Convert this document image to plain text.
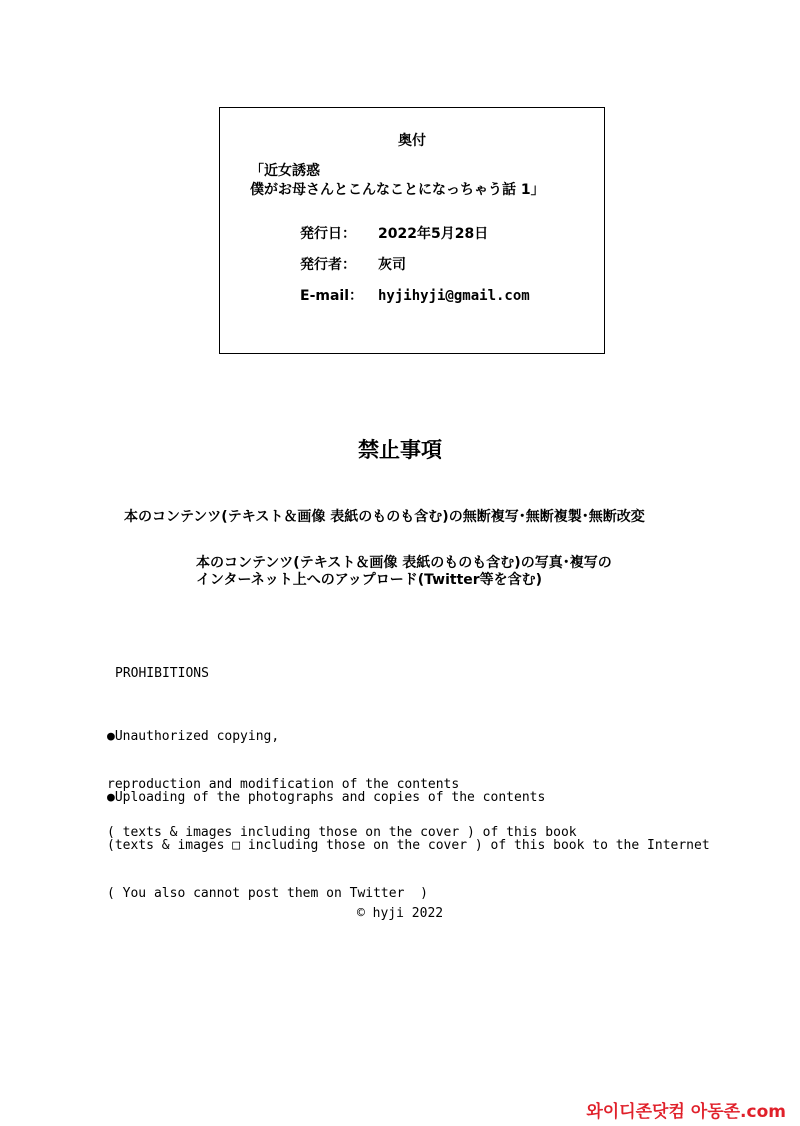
奥付
「近女誘惑
僕がお母さんとこんなことになっちゃう話 1」
発行日： 2022年5月28日
発行者： 灰司
E-mail： hyjihyji@gmail.com
禁止事項
本のコンテンツ(テキスト＆画像 表紙のものも含む)の無断複写･無断複製･無断改変
本のコンテンツ(テキスト＆画像 表紙のものも含む)の写真･複写の
インターネット上へのアップロード(Twitter等を含む)
PROHIBITIONS

●Unauthorized copying,

reproduction and modification of the contents

( texts & images including those on the cover ) of this book

●Uploading of the photographs and copies of the contents

(texts & images □ including those on the cover ) of this book to the Internet

( You also cannot post them on Twitter  )

© hyji 2022
와이디존닷컴 아동존.com
